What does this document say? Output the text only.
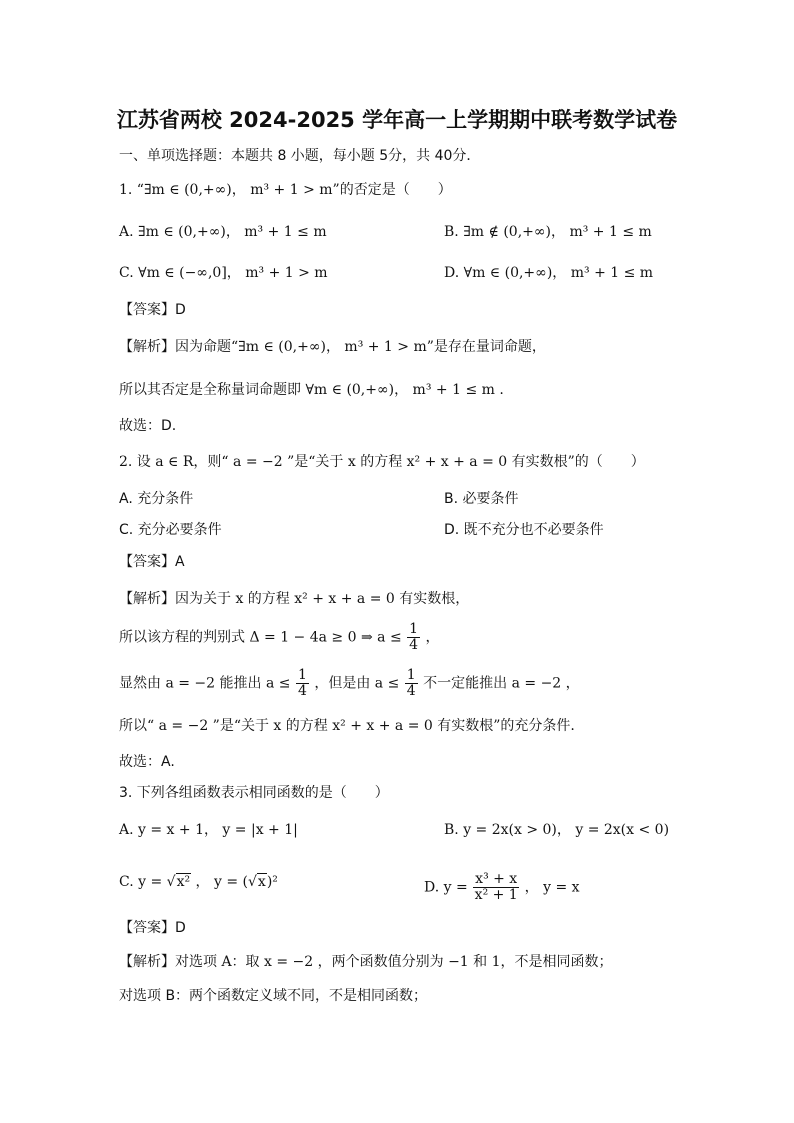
江苏省两校 2024-2025 学年高一上学期期中联考数学试卷
一、单项选择题：本题共 8 小题，每小题 5分，共 40分．
1. “∃m ∈ (0,+∞)， m³ + 1 > m”的否定是（　　）
A. ∃m ∈ (0,+∞)， m³ + 1 ≤ m	B. ∃m ∉ (0,+∞)， m³ + 1 ≤ m
C. ∀m ∈ (−∞,0]， m³ + 1 > m	D. ∀m ∈ (0,+∞)， m³ + 1 ≤ m
【答案】D
【解析】因为命题“∃m ∈ (0,+∞)， m³ + 1 > m”是存在量词命题，
所以其否定是全称量词命题即 ∀m ∈ (0,+∞)， m³ + 1 ≤ m .
故选：D.
2. 设 a ∈ R，则“ a = −2 ”是“关于 x 的方程 x² + x + a = 0 有实数根”的（　　）
A. 充分条件	B. 必要条件
C. 充分必要条件	D. 既不充分也不必要条件
【答案】A
【解析】因为关于 x 的方程 x² + x + a = 0 有实数根，
所以该方程的判别式 Δ = 1 − 4a ≥ 0 ⇒ $a \le \frac{1}{4}$ ，
显然由 a = −2 能推出 $a \le \frac{1}{4}$ ，但是由 $a \le \frac{1}{4}$ 不一定能推出 a = −2 ，
所以“ a = −2 ”是“关于 x 的方程 x² + x + a = 0 有实数根”的充分条件.
故选：A.
3. 下列各组函数表示相同函数的是（　　）
A. y = x + 1， y = |x + 1|	B. y = 2x(x > 0)， y = 2x(x < 0)
C. y = √x² ， y = (√x)²	D. $y = \frac{\text{x³ + x}}{\text{x² + 1}}$ ， y = x
【答案】D
【解析】对选项 A：取 x = −2 ，两个函数值分别为 −1 和 1，不是相同函数；
对选项 B：两个函数定义域不同，不是相同函数；
